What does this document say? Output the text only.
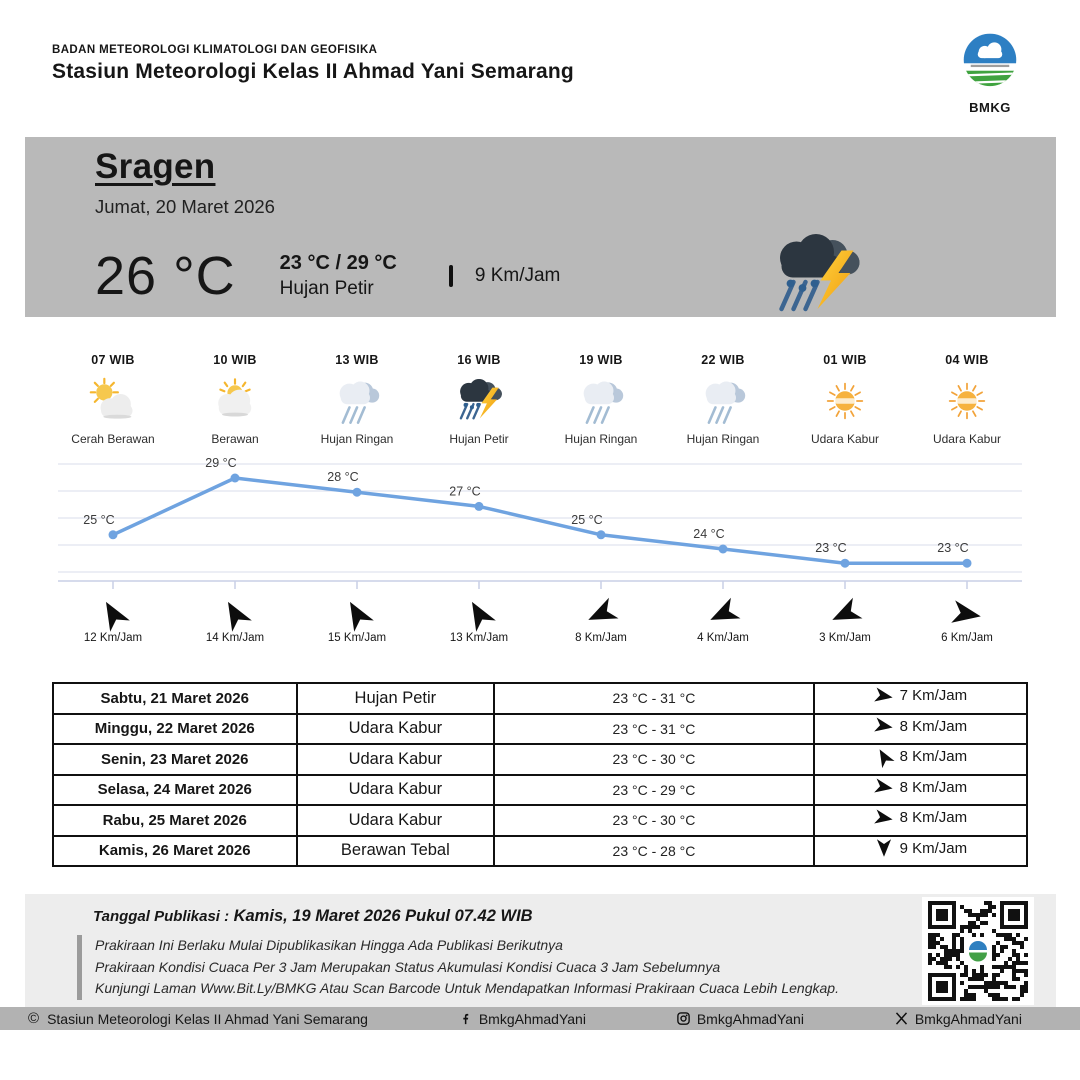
BADAN METEOROLOGI KLIMATOLOGI DAN GEOFISIKA
Stasiun Meteorologi Kelas II Ahmad Yani Semarang
BMKG
Sragen
Jumat, 20 Maret 2026
26 °C 23 °C / 29 °C
Hujan Petir
9 Km/Jam
07 WIB
Cerah Berawan
10 WIB
Berawan
13 WIB
Hujan Ringan
16 WIB
Hujan Petir
19 WIB
Hujan Ringan
22 WIB
Hujan Ringan
01 WIB
Udara Kabur
04 WIB
Udara Kabur
25 °C
29 °C
28 °C
27 °C
25 °C
24 °C
23 °C	23 °C
12 Km/Jam	14 Km/Jam	15 Km/Jam	13 Km/Jam	8 Km/Jam	4 Km/Jam	3 Km/Jam	6 Km/Jam
Sabtu, 21 Maret 2026	Hujan Petir	23 °C - 31 °C	7 Km/Jam

Minggu, 22 Maret 2026	Udara Kabur	23 °C - 31 °C	8 Km/Jam

Senin, 23 Maret 2026	Udara Kabur	23 °C - 30 °C	8 Km/Jam

Selasa, 24 Maret 2026	Udara Kabur	23 °C - 29 °C	8 Km/Jam

Rabu, 25 Maret 2026	Udara Kabur	23 °C - 30 °C	8 Km/Jam

Kamis, 26 Maret 2026	Berawan Tebal	23 °C - 28 °C	9 Km/Jam
Tanggal Publikasi : Kamis, 19 Maret 2026 Pukul 07.42 WIB
Prakiraan Ini Berlaku Mulai Dipublikasikan Hingga Ada Publikasi Berikutnya
Prakiraan Kondisi Cuaca Per 3 Jam Merupakan Status Akumulasi Kondisi Cuaca 3 Jam Sebelumnya
Kunjungi Laman Www.Bit.Ly/BMKG Atau Scan Barcode Untuk Mendapatkan Informasi Prakiraan Cuaca Lebih Lengkap.
© Stasiun Meteorologi Kelas II Ahmad Yani Semarang	BmkgAhmadYani	BmkgAhmadYani	BmkgAhmadYani
